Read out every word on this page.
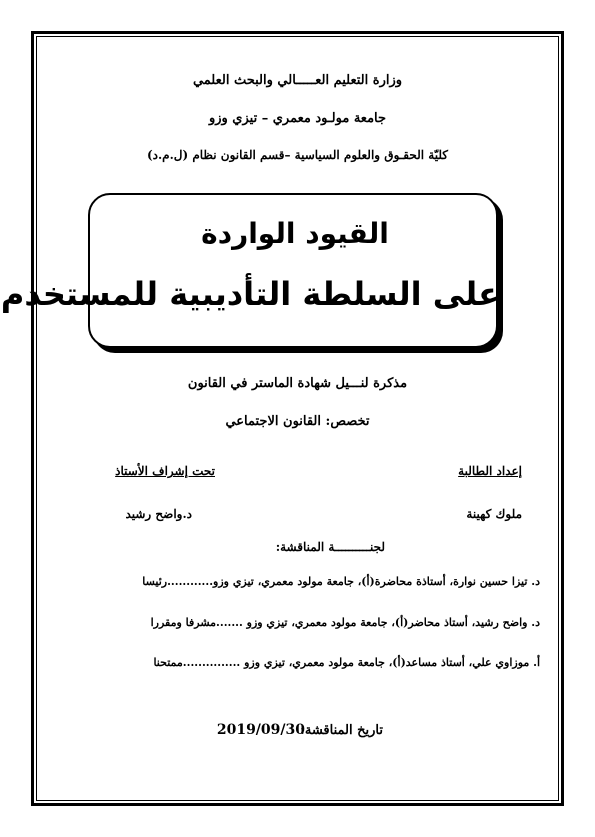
وزارة التعليم العـــــالي والبحث العلمي
جامعة مولـود معمري – تيزي وزو
كليّة الحقـوق والعلوم السياسية –قسم القانون نظام (ل.م.د)
القيود الواردة
على السلطة التأديبية للمستخدم
مذكرة لنـــيل شهادة الماستر في القانون
تخصص: القانون الاجتماعي
إعداد الطالبة
ملوك كهينة
تحت إشراف الأستاذ
د.واضح رشيد
لجنــــــــــة المناقشة:
د. تيزا حسين نوارة، أستاذة محاضرة(أ)، جامعة مولود معمري، تيزي وزو............رئيسا
د. واضح رشيد، أستاذ محاضر(أ)، جامعة مولود معمري، تيزي وزو .......مشرفا ومقررا
أ. موزاوي علي، أستاذ مساعد(أ)، جامعة مولود معمري، تيزي وزو ...............ممتحنا
تاريخ المناقشة:
2019/09/30
